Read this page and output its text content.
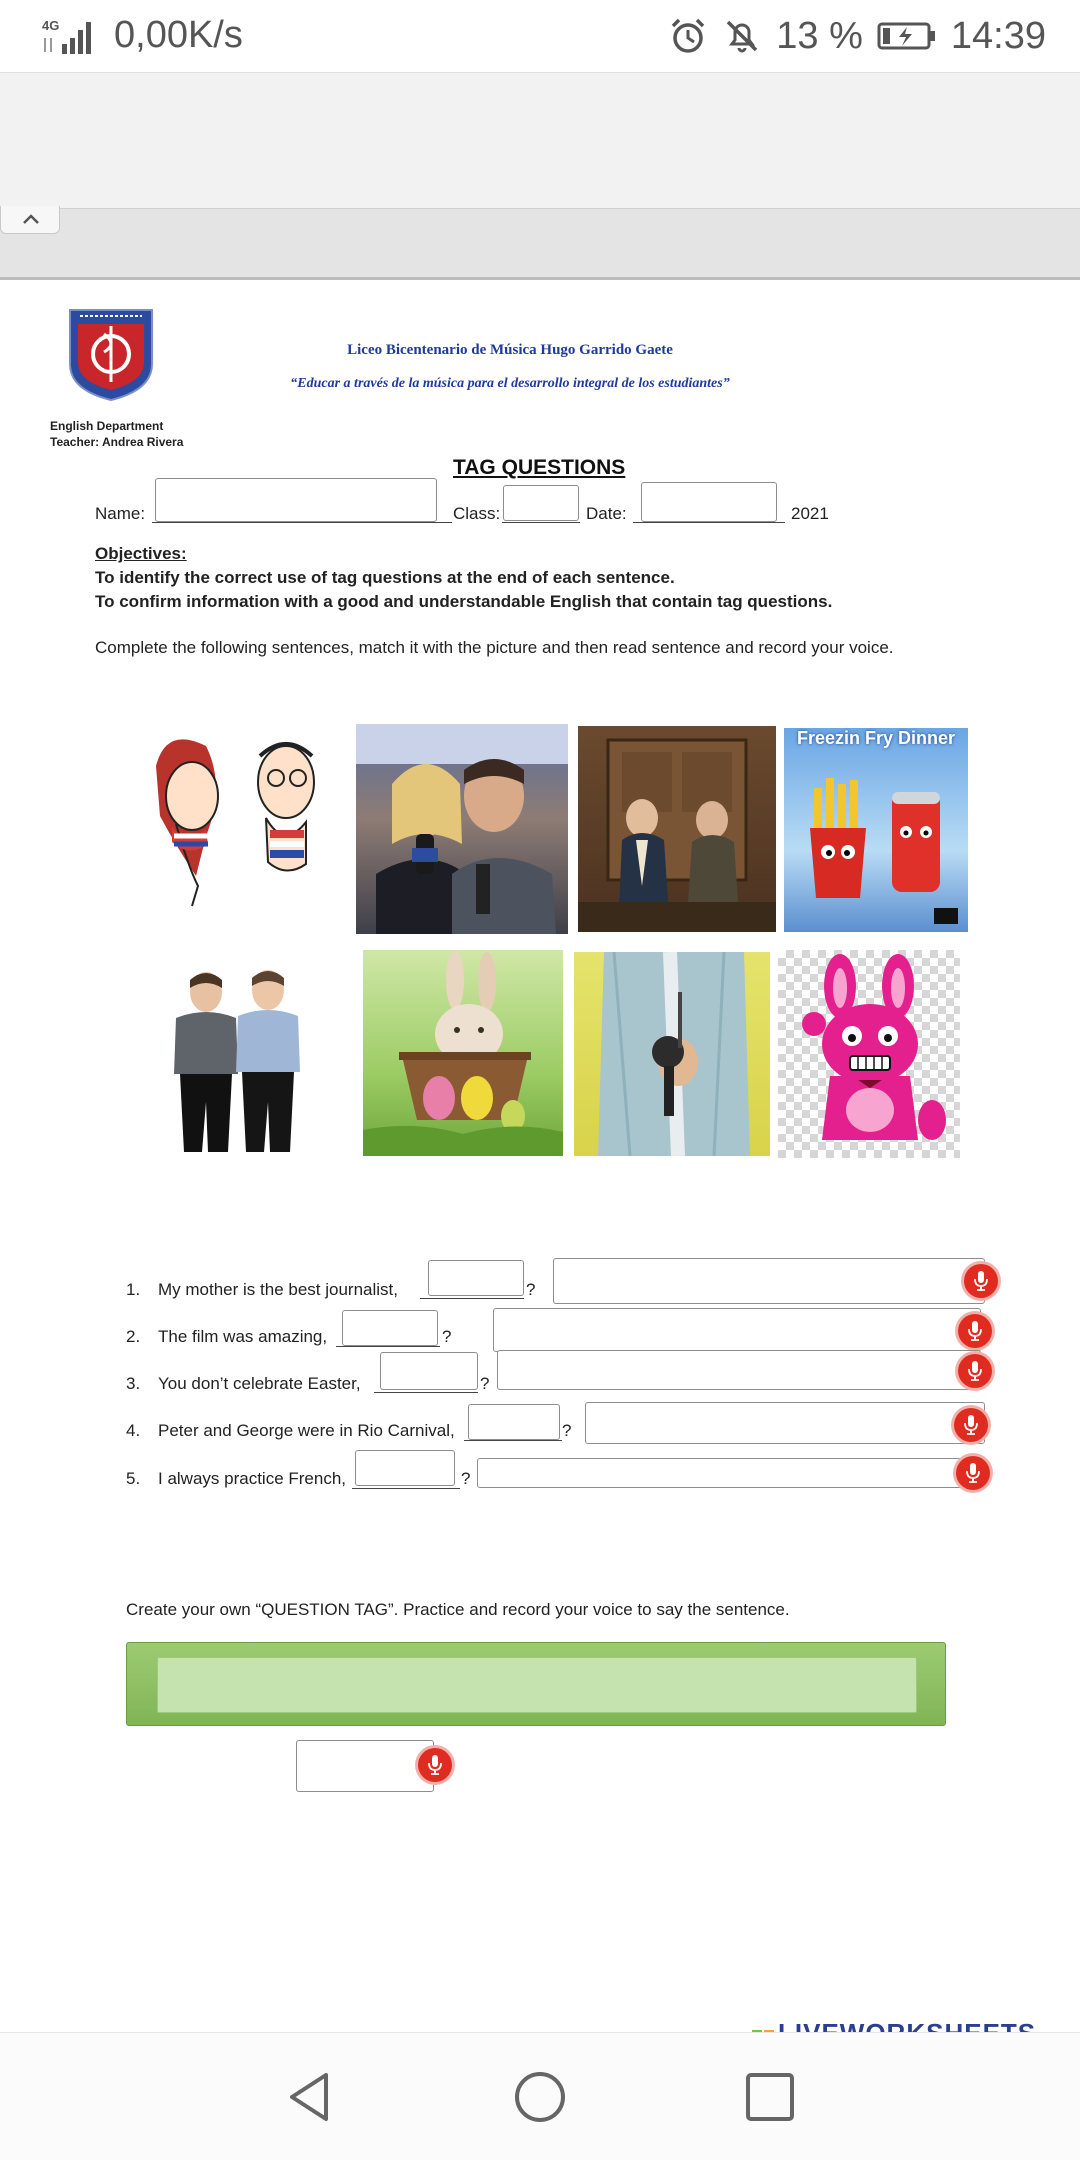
4G 0,00K/s	13 % 14:39
Liceo Bicentenario de Música Hugo Garrido Gaete
“Educar a través de la música para el desarrollo integral de los estudiantes”
English Department
Teacher: Andrea Rivera
TAG QUESTIONS
Name:	Class:	Date:	2021
Objectives:
To identify the correct use of tag questions at the end of each sentence.
To confirm information with a good and understandable English that contain tag questions.
Complete the following sentences, match it with the picture and then read sentence and record your voice.
Freezin Fry Dinner
1. My mother is the best journalist,	?
2. The film was amazing,	?
3. You don’t celebrate Easter,	?
4. Peter and George were in Rio Carnival,	?
5. I always practice French,	?
Create your own “QUESTION TAG”. Practice and record your voice to say the sentence.
